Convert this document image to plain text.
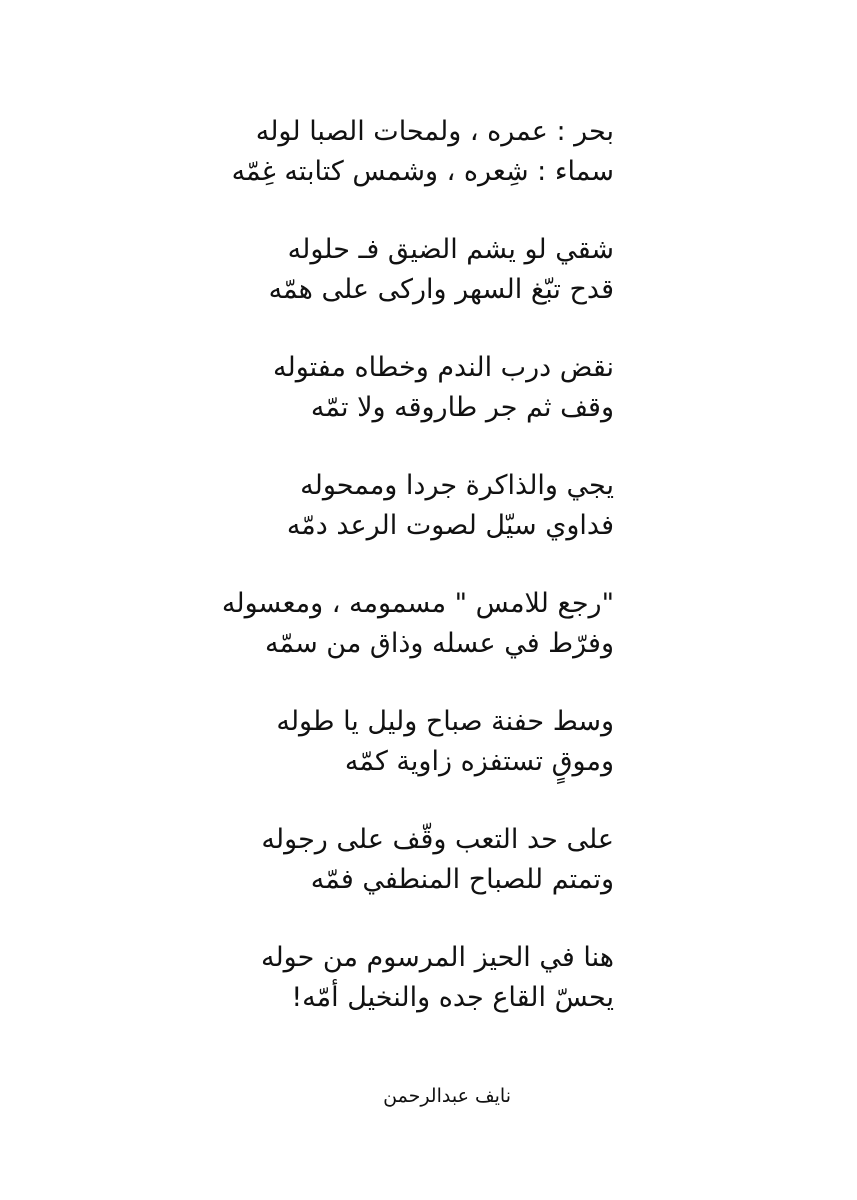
بحر : عمره ، ولمحات الصبا لوله
سماء : شِعره ، وشمس كتابته غِمّه
شقي لو يشم الضيق فـ حلوله
قدح تبّغ السهر واركى على همّه
نقض درب الندم وخطاه مفتوله
وقف ثم جر طاروقه ولا تمّه
يجي والذاكرة جردا وممحوله
فداوي سيّل لصوت الرعد دمّه
"رجع للامس " مسمومه ، ومعسوله
وفرّط في عسله وذاق من سمّه
وسط حفنة صباح وليل يا طوله
وموقٍ تستفزه زاوية كمّه
على حد التعب وقّف على رجوله
وتمتم للصباح المنطفي فمّه
هنا في الحيز المرسوم من حوله
يحسّ القاع جده والنخيل أمّه!
نايف عبدالرحمن
